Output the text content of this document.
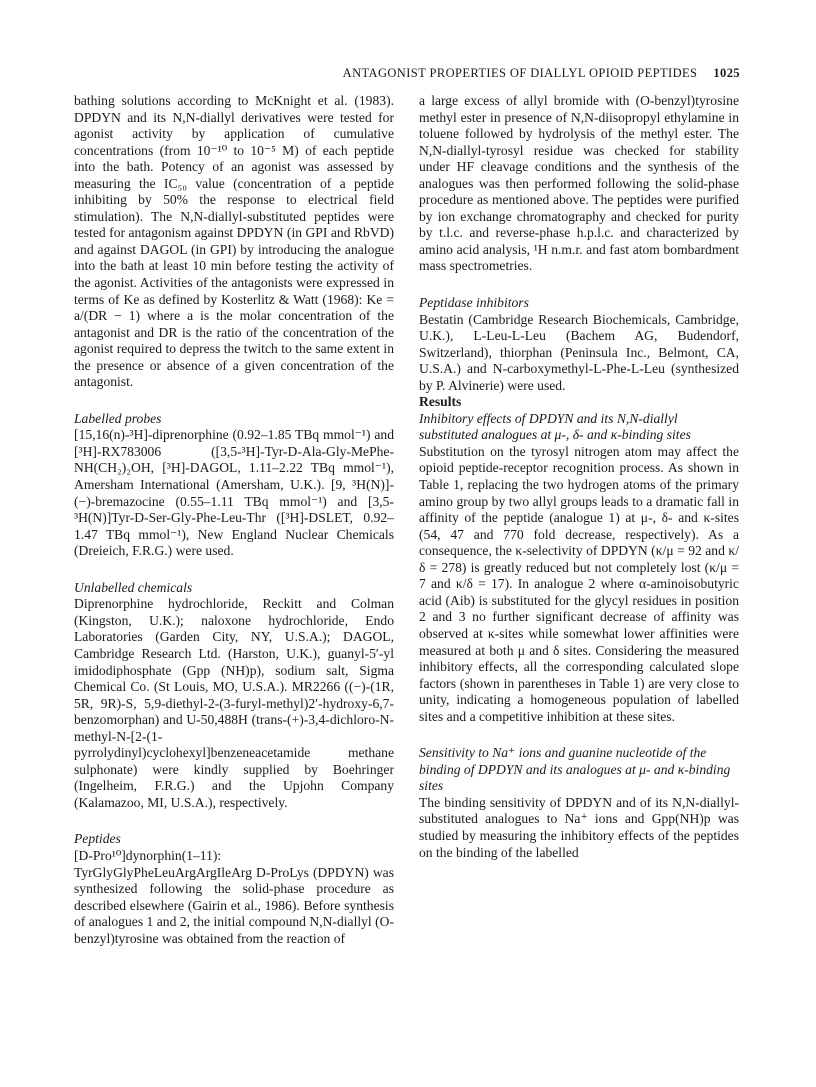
ANTAGONIST PROPERTIES OF DIALLYL OPIOID PEPTIDES 1025

bathing solutions according to McKnight et al. (1983). DPDYN and its N,N-diallyl derivatives were tested for agonist activity by application of cumulative concentrations (from 10⁻¹⁰ to 10⁻⁵ M) of each peptide into the bath. Potency of an agonist was assessed by measuring the IC₅₀ value (concentration of a peptide inhibiting by 50% the response to electrical field stimulation). The N,N-diallyl-substituted peptides were tested for antagonism against DPDYN (in GPI and RbVD) and against DAGOL (in GPI) by introducing the analogue into the bath at least 10 min before testing the activity of the agonist. Activities of the antagonists were expressed in terms of Ke as defined by Kosterlitz & Watt (1968): Ke = a/(DR − 1) where a is the molar concentration of the antagonist and DR is the ratio of the concentration of the agonist required to depress the twitch to the same extent in the presence or absence of a given concentration of the antagonist.

Labelled probes

[15,16(n)-³H]-diprenorphine (0.92–1.85 TBq mmol⁻¹) and [³H]-RX783006 ([3,5-³H]-Tyr-D-Ala-Gly-MePhe-NH(CH₂)₂OH, [³H]-DAGOL, 1.11–2.22 TBq mmol⁻¹), Amersham International (Amersham, U.K.). [9, ³H(N)]-(−)-bremazocine (0.55–1.11 TBq mmol⁻¹) and [3,5-³H(N)]Tyr-D-Ser-Gly-Phe-Leu-Thr ([³H]-DSLET, 0.92–1.47 TBq mmol⁻¹), New England Nuclear Chemicals (Dreieich, F.R.G.) were used.

Unlabelled chemicals

Diprenorphine hydrochloride, Reckitt and Colman (Kingston, U.K.); naloxone hydrochloride, Endo Laboratories (Garden City, NY, U.S.A.); DAGOL, Cambridge Research Ltd. (Harston, U.K.), guanyl-5′-yl imidodiphosphate (Gpp (NH)p), sodium salt, Sigma Chemical Co. (St Louis, MO, U.S.A.). MR2266 ((−)-(1R, 5R, 9R)-S, 5,9-diethyl-2-(3-furyl-methyl)2′-hydroxy-6,7-benzomorphan) and U-50,488H (trans-(+)-3,4-dichloro-N-methyl-N-[2-(1-pyrrolydinyl)cyclohexyl]benzeneacetamide methane sulphonate) were kindly supplied by Boehringer (Ingelheim, F.R.G.) and the Upjohn Company (Kalamazoo, MI, U.S.A.), respectively.

Peptides

[D-Pro¹⁰]dynorphin(1–11): TyrGlyGlyPheLeuArgArgIleArg D-ProLys (DPDYN) was synthesized following the solid-phase procedure as described elsewhere (Gairin et al., 1986). Before synthesis of analogues 1 and 2, the initial compound N,N-diallyl (O-benzyl)tyrosine was obtained from the reaction of

a large excess of allyl bromide with (O-benzyl)tyrosine methyl ester in presence of N,N-diisopropyl ethylamine in toluene followed by hydrolysis of the methyl ester. The N,N-diallyl-tyrosyl residue was checked for stability under HF cleavage conditions and the synthesis of the analogues was then performed following the solid-phase procedure as mentioned above. The peptides were purified by ion exchange chromatography and checked for purity by t.l.c. and reverse-phase h.p.l.c. and characterized by amino acid analysis, ¹H n.m.r. and fast atom bombardment mass spectrometries.

Peptidase inhibitors

Bestatin (Cambridge Research Biochemicals, Cambridge, U.K.), L-Leu-L-Leu (Bachem AG, Budendorf, Switzerland), thiorphan (Peninsula Inc., Belmont, CA, U.S.A.) and N-carboxymethyl-L-Phe-L-Leu (synthesized by P. Alvinerie) were used.

Results

Inhibitory effects of DPDYN and its N,N-diallyl substituted analogues at μ-, δ- and κ-binding sites

Substitution on the tyrosyl nitrogen atom may affect the opioid peptide-receptor recognition process. As shown in Table 1, replacing the two hydrogen atoms of the primary amino group by two allyl groups leads to a dramatic fall in affinity of the peptide (analogue 1) at μ-, δ- and κ-sites (54, 47 and 770 fold decrease, respectively). As a consequence, the κ-selectivity of DPDYN (κ/μ = 92 and κ/δ = 278) is greatly reduced but not completely lost (κ/μ = 7 and κ/δ = 17). In analogue 2 where α-aminoisobutyric acid (Aib) is substituted for the glycyl residues in position 2 and 3 no further significant decrease of affinity was observed at κ-sites while somewhat lower affinities were measured at both μ and δ sites. Considering the measured inhibitory effects, all the corresponding calculated slope factors (shown in parentheses in Table 1) are very close to unity, indicating a homogeneous population of labelled sites and a competitive inhibition at these sites.

Sensitivity to Na⁺ ions and guanine nucleotide of the binding of DPDYN and its analogues at μ- and κ-binding sites

The binding sensitivity of DPDYN and of its N,N-diallyl-substituted analogues to Na⁺ ions and Gpp(NH)p was studied by measuring the inhibitory effects of the peptides on the binding of the labelled
